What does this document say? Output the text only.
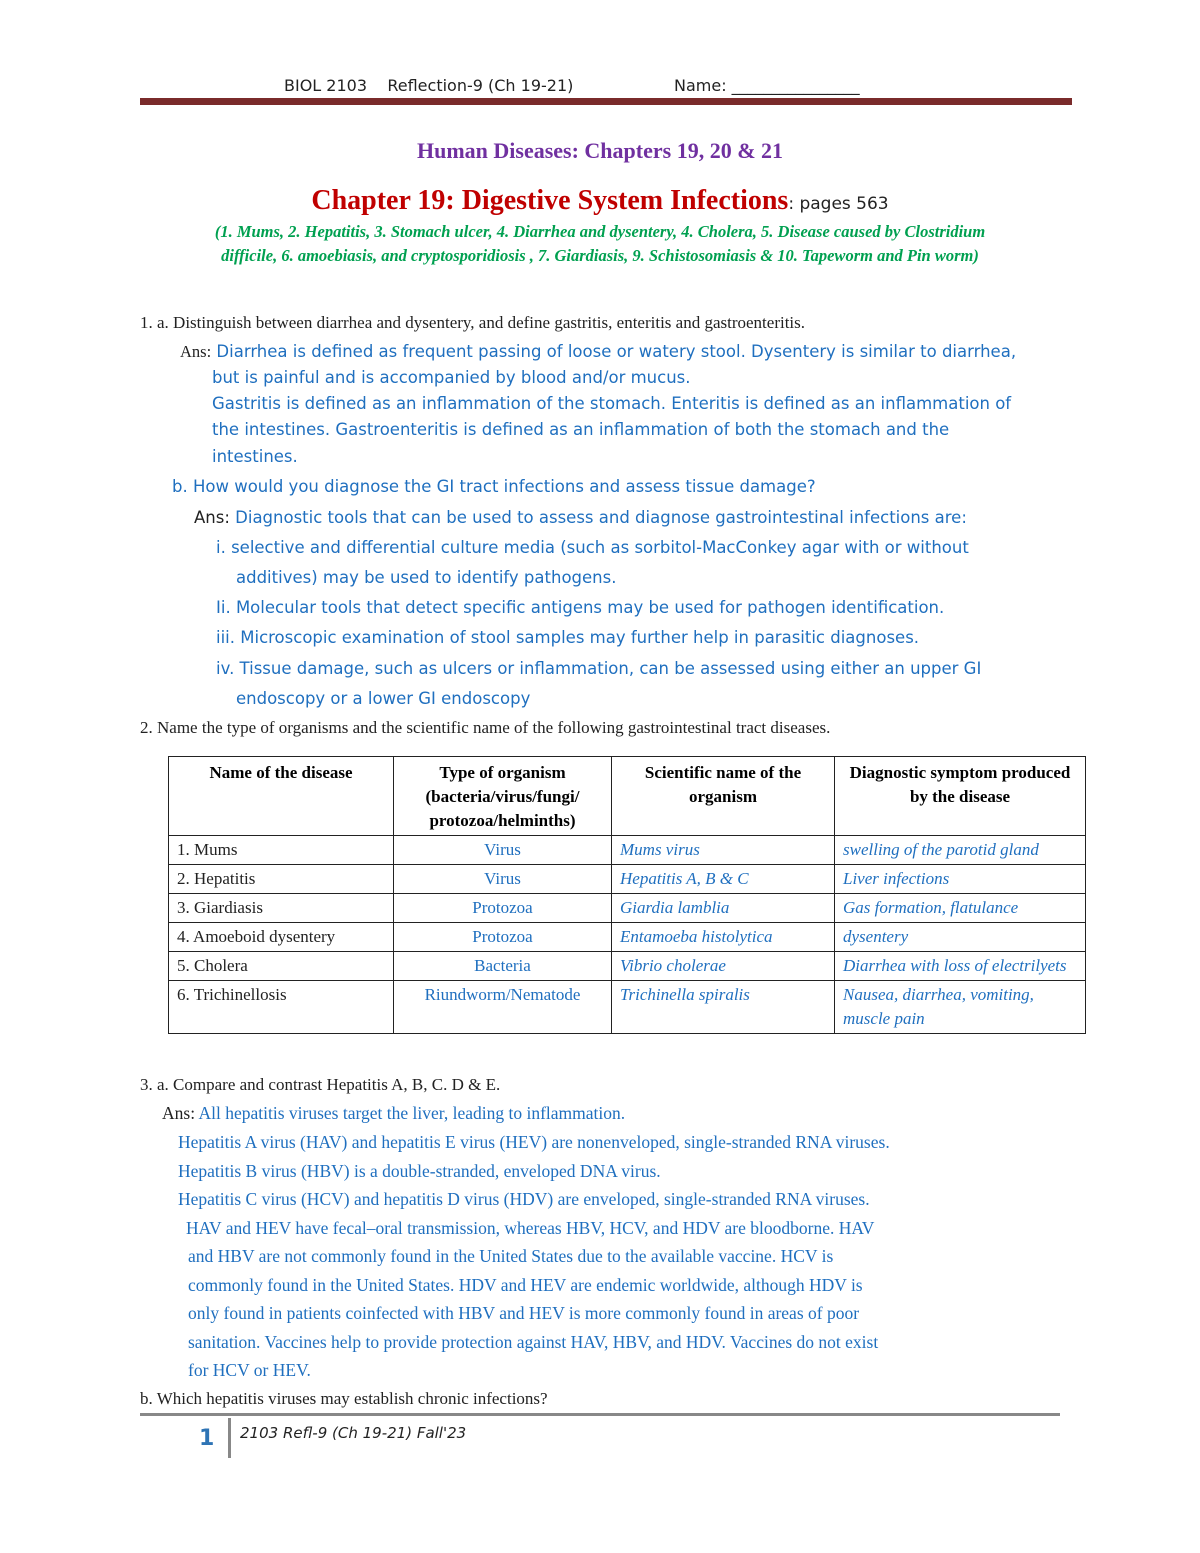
BIOL 2103    Reflection-9 (Ch 19-21)	Name: ________________
Human Diseases: Chapters 19, 20 & 21
Chapter 19: Digestive System Infections: pages 563
(1. Mums, 2. Hepatitis, 3. Stomach ulcer, 4. Diarrhea and dysentery, 4. Cholera, 5. Disease caused by Clostridium difficile, 6. amoebiasis, and cryptosporidiosis , 7. Giardiasis, 9. Schistosomiasis & 10. Tapeworm and Pin worm)
1. a. Distinguish between diarrhea and dysentery, and define gastritis, enteritis and gastroenteritis.
Ans: Diarrhea is defined as frequent passing of loose or watery stool. Dysentery is similar to diarrhea,
but is painful and is accompanied by blood and/or mucus.
Gastritis is defined as an inflammation of the stomach. Enteritis is defined as an inflammation of
the intestines. Gastroenteritis is defined as an inflammation of both the stomach and the
intestines.
b. How would you diagnose the GI tract infections and assess tissue damage?
Ans: Diagnostic tools that can be used to assess and diagnose gastrointestinal infections are:
i. selective and differential culture media (such as sorbitol-MacConkey agar with or without
additives) may be used to identify pathogens.
Ii. Molecular tools that detect specific antigens may be used for pathogen identification.
iii. Microscopic examination of stool samples may further help in parasitic diagnoses.
iv. Tissue damage, such as ulcers or inflammation, can be assessed using either an upper GI
endoscopy or a lower GI endoscopy
2. Name the type of organisms and the scientific name of the following gastrointestinal tract diseases.
Name of the disease	Type of organism (bacteria/virus/fungi/ protozoa/helminths)	Scientific name of the organism	Diagnostic symptom produced by the disease
1. Mums	Virus	Mums virus	swelling of the parotid gland
2. Hepatitis	Virus	Hepatitis A, B & C	Liver infections
3. Giardiasis	Protozoa	Giardia lamblia	Gas formation, flatulance
4. Amoeboid dysentery	Protozoa	Entamoeba histolytica	dysentery
5. Cholera	Bacteria	Vibrio cholerae	Diarrhea with loss of electrilyets
6. Trichinellosis	Riundworm/Nematode	Trichinella spiralis	Nausea, diarrhea, vomiting, muscle pain
3. a. Compare and contrast Hepatitis A, B, C. D & E.
Ans: All hepatitis viruses target the liver, leading to inflammation.
Hepatitis A virus (HAV) and hepatitis E virus (HEV) are nonenveloped, single-stranded RNA viruses.
Hepatitis B virus (HBV) is a double-stranded, enveloped DNA virus.
Hepatitis C virus (HCV) and hepatitis D virus (HDV) are enveloped, single-stranded RNA viruses.
HAV and HEV have fecal–oral transmission, whereas HBV, HCV, and HDV are bloodborne. HAV
and HBV are not commonly found in the United States due to the available vaccine. HCV is
commonly found in the United States. HDV and HEV are endemic worldwide, although HDV is
only found in patients coinfected with HBV and HEV is more commonly found in areas of poor
sanitation. Vaccines help to provide protection against HAV, HBV, and HDV. Vaccines do not exist
for HCV or HEV.
b. Which hepatitis viruses may establish chronic infections?
1 2103 Refl-9 (Ch 19-21) Fall'23
